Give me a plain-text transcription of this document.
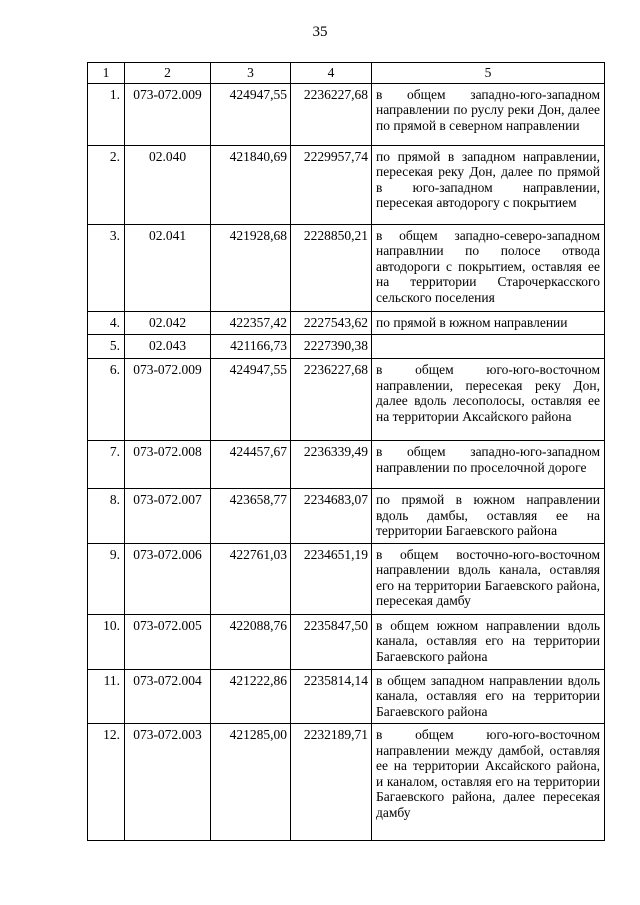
35
1	2	3	4	5
1.	073-072.009	424947,55	2236227,68	в общем западно-юго-западном направлении по руслу реки Дон, далее по прямой в северном направлении
2.	02.040	421840,69	2229957,74	по прямой в западном направлении, пересекая реку Дон, далее по прямой в юго-западном направлении, пересекая автодорогу с покрытием
3.	02.041	421928,68	2228850,21	в общем западно-северо-западном направлнии по полосе отвода автодороги с покрытием, оставляя ее на территории Старочеркасского сельского поселения
4.	02.042	422357,42	2227543,62	по прямой в южном направлении
5.	02.043	421166,73	2227390,38	
6.	073-072.009	424947,55	2236227,68	в общем юго-юго-восточном направлении, пересекая реку Дон, далее вдоль лесополосы, оставляя ее на территории Аксайского района
7.	073-072.008	424457,67	2236339,49	в общем западно-юго-западном направлении по проселочной дороге
8.	073-072.007	423658,77	2234683,07	по прямой в южном направлении вдоль дамбы, оставляя ее на территории Багаевского района
9.	073-072.006	422761,03	2234651,19	в общем восточно-юго-восточном направлении вдоль канала, оставляя его на территории Багаевского района, пересекая дамбу
10.	073-072.005	422088,76	2235847,50	в общем южном направлении вдоль канала, оставляя его на территории Багаевского района
11.	073-072.004	421222,86	2235814,14	в общем западном направлении вдоль канала, оставляя его на территории Багаевского района
12.	073-072.003	421285,00	2232189,71	в общем юго-юго-восточном направлении между дамбой, оставляя ее на территории Аксайского района, и каналом, оставляя его на территории Багаевского района, далее пересекая дамбу
